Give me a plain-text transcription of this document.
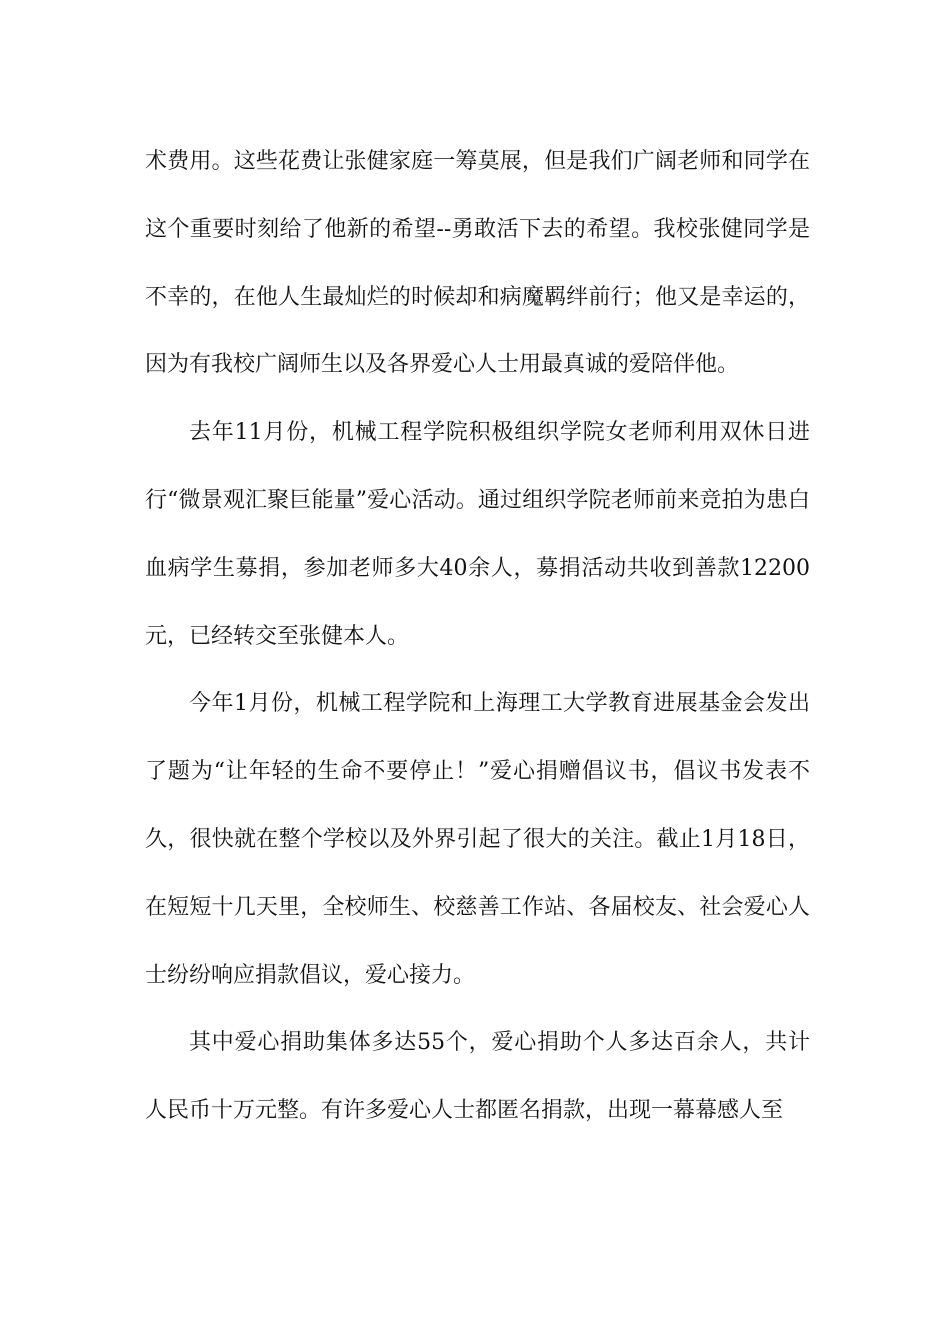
术费用。这些花费让张健家庭一筹莫展，但是我们广阔老师和同学在这个重要时刻给了他新的希望--勇敢活下去的希望。我校张健同学是不幸的，在他人生最灿烂的时候却和病魔羁绊前行；他又是幸运的，因为有我校广阔师生以及各界爱心人士用最真诚的爱陪伴他。

去年11月份，机械工程学院积极组织学院女老师利用双休日进行“微景观汇聚巨能量”爱心活动。通过组织学院老师前来竞拍为患白血病学生募捐，参加老师多大40余人，募捐活动共收到善款12200元，已经转交至张健本人。

今年1月份，机械工程学院和上海理工大学教育进展基金会发出了题为“让年轻的生命不要停止！”爱心捐赠倡议书，倡议书发表不久，很快就在整个学校以及外界引起了很大的关注。截止1月18日，在短短十几天里，全校师生、校慈善工作站、各届校友、社会爱心人士纷纷响应捐款倡议，爱心接力。

其中爱心捐助集体多达55个，爱心捐助个人多达百余人，共计人民币十万元整。有许多爱心人士都匿名捐款，出现一幕幕感人至
